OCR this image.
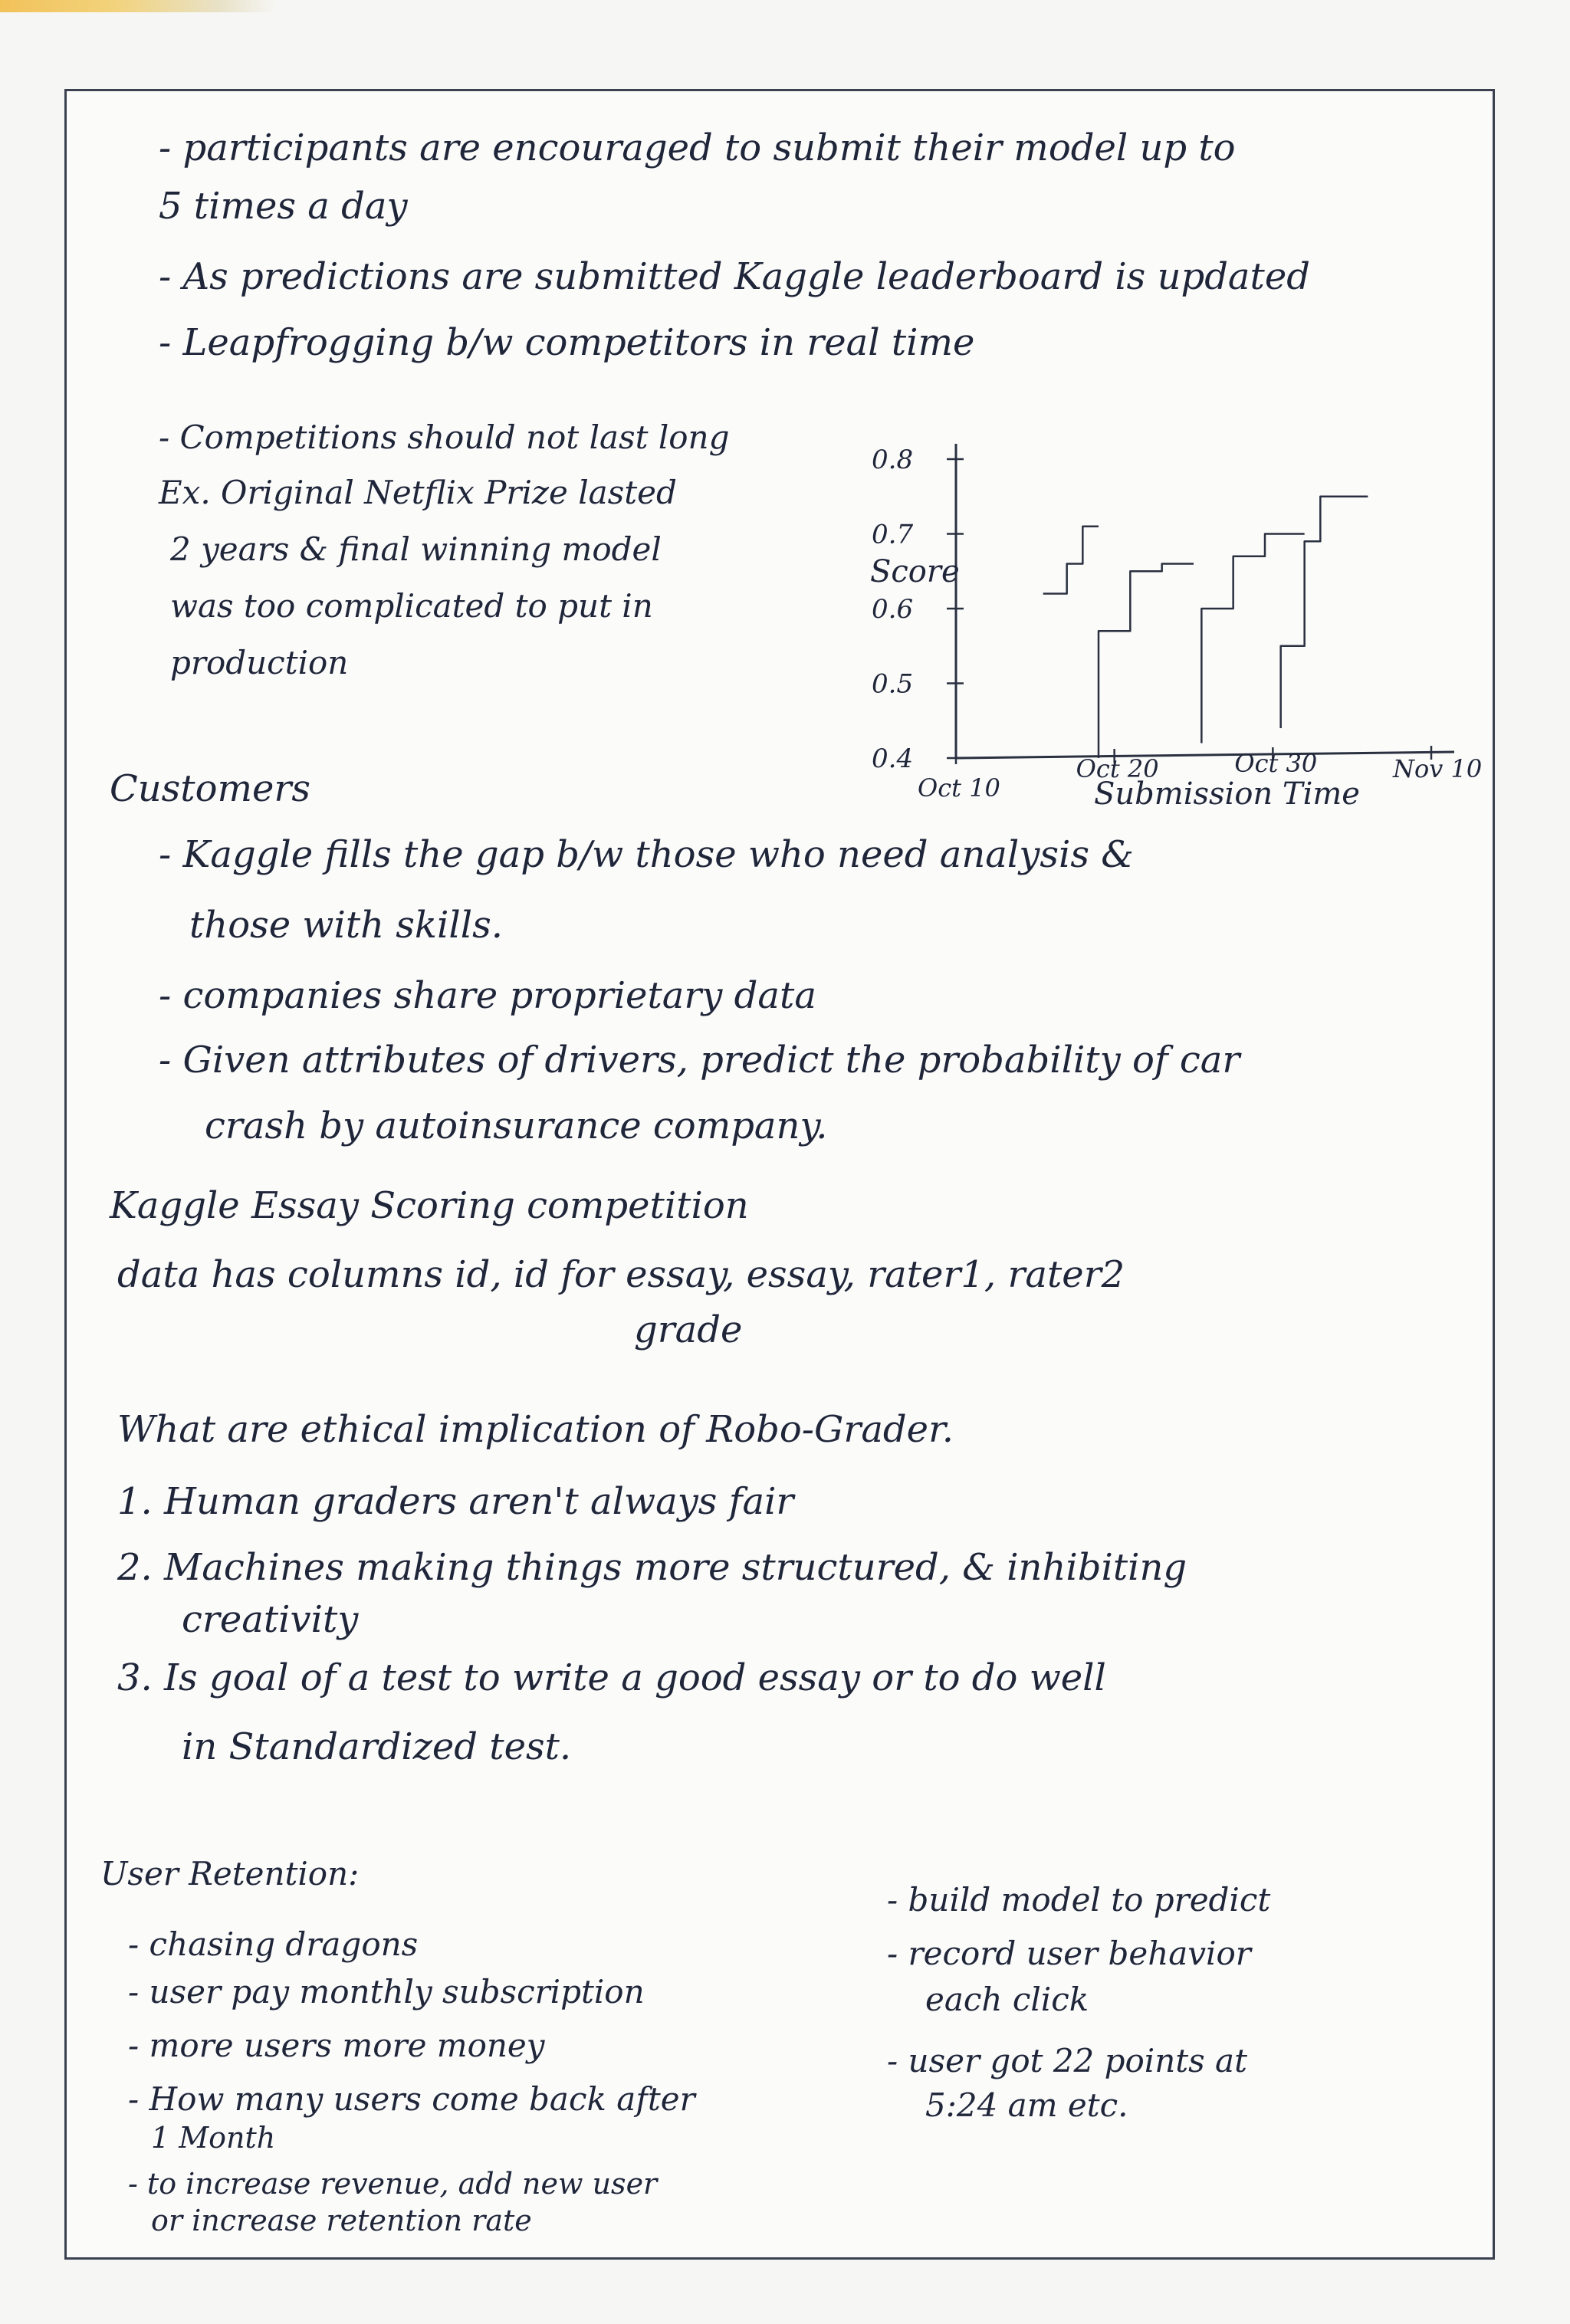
- participants are encouraged to submit their model up to

5 times a day

- As predictions are submitted Kaggle leaderboard is updated

- Leapfrogging b/w competitors in real time

- Competitions should not last long

Ex. Original Netflix Prize lasted

2 years & final winning model

was too complicated to put in

production

Customers

- Kaggle fills the gap b/w those who need analysis &

those with skills.

- companies share proprietary data

- Given attributes of drivers, predict the probability of car

crash by autoinsurance company.

Kaggle Essay Scoring competition

data has columns id, id for essay, essay, rater1, rater2

grade

What are ethical implication of Robo-Grader.

1. Human graders aren't always fair

2. Machines making things more structured, & inhibiting

creativity

3. Is goal of a test to write a good essay or to do well

in Standardized test.

User Retention:

- chasing dragons

- user pay monthly subscription

- more users more money

- How many users come back after

1 Month

- to increase revenue, add new user

or increase retention rate

- build model to predict

- record user behavior

each click

- user got 22 points at

5:24 am etc.

0.8
0.7
0.6
0.5
0.4
Oct 10
Oct 20	Oct 30	Nov 10
Score
Submission Time
